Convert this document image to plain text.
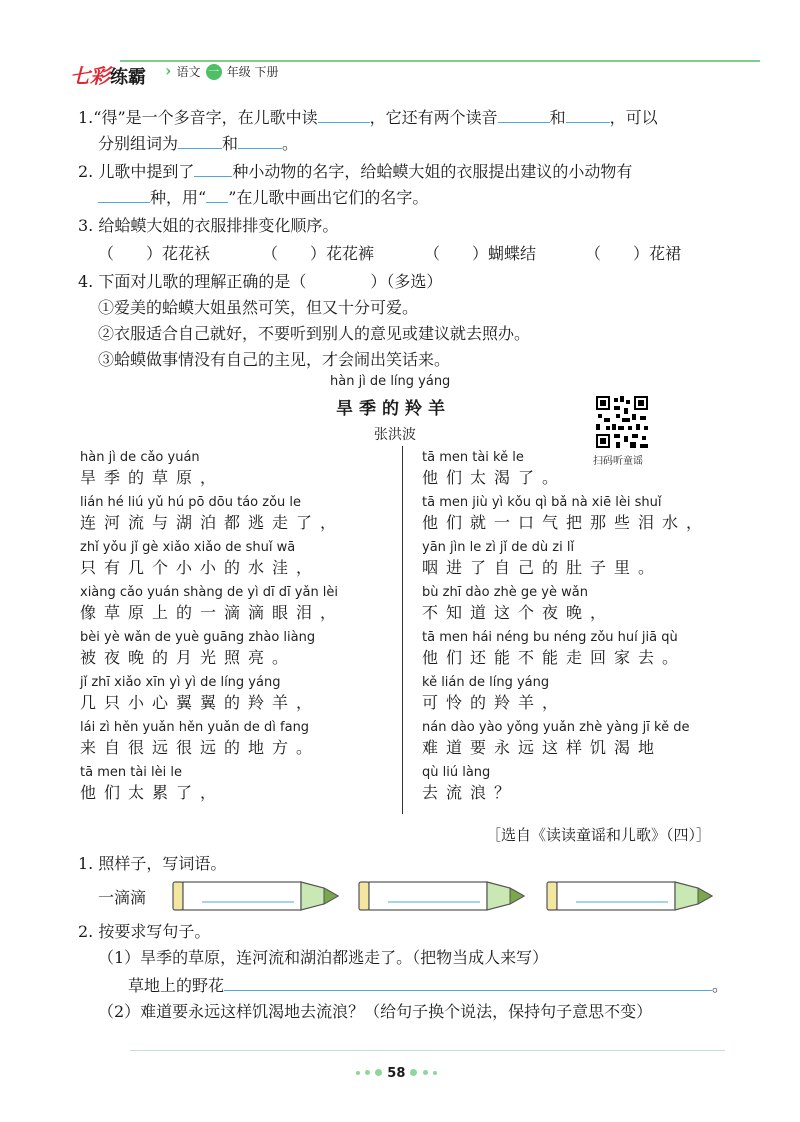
七彩练霸 › 语文 一 年级 下册
1.“得”是一个多音字，在儿歌中读	，它还有两个读音	和	，可以
分别组词为	和	。
2. 儿歌中提到了 种小动物的名字，给蛤蟆大姐的衣服提出建议的小动物有
种，用“ ”在儿歌中画出它们的名字。
3. 给蛤蟆大姐的衣服排排变化顺序。
（　　）花花袄	（　　）花花裤	（　　）蝴蝶结	（　　）花裙
4. 下面对儿歌的理解正确的是（　　　　）（多选）
①爱美的蛤蟆大姐虽然可笑，但又十分可爱。
②衣服适合自己就好，不要听到别人的意见或建议就去照办。
③蛤蟆做事情没有自己的主见，才会闹出笑话来。
hàn jì de líng yáng
旱季的羚羊
张洪波
扫码听童谣
hàn jì de cǎo yuán
旱季的草原，
lián hé liú yǔ hú pō dōu táo zǒu le
连河流与湖泊都逃走了，
zhǐ yǒu jǐ gè xiǎo xiǎo de shuǐ wā
只有几个小小的水洼，
xiàng cǎo yuán shàng de yì dī dī yǎn lèi
像草原上的一滴滴眼泪，
bèi yè wǎn de yuè guāng zhào liàng
被夜晚的月光照亮。
jǐ zhī xiǎo xīn yì yì de líng yáng
几只小心翼翼的羚羊，
lái zì hěn yuǎn hěn yuǎn de dì fang
来自很远很远的地方。
tā men tài lèi le
他们太累了，
tā men tài kě le
他们太渴了。
tā men jiù yì kǒu qì bǎ nà xiē lèi shuǐ
他们就一口气把那些泪水，
yān jìn le zì jǐ de dù zi lǐ
咽进了自己的肚子里。
bù zhī dào zhè ge yè wǎn
不知道这个夜晚，
tā men hái néng bu néng zǒu huí jiā qù
他们还能不能走回家去。
kě lián de líng yáng
可怜的羚羊，
nán dào yào yǒng yuǎn zhè yàng jī kě de
难道要永远这样饥渴地
qù liú làng
去流浪？
［选自《读读童谣和儿歌》（四）］
1. 照样子，写词语。
一滴滴
2. 按要求写句子。
（1）旱季的草原，连河流和湖泊都逃走了。（把物当成人来写）
草地上的野花	。
（2）难道要永远这样饥渴地去流浪？（给句子换个说法，保持句子意思不变）
58
